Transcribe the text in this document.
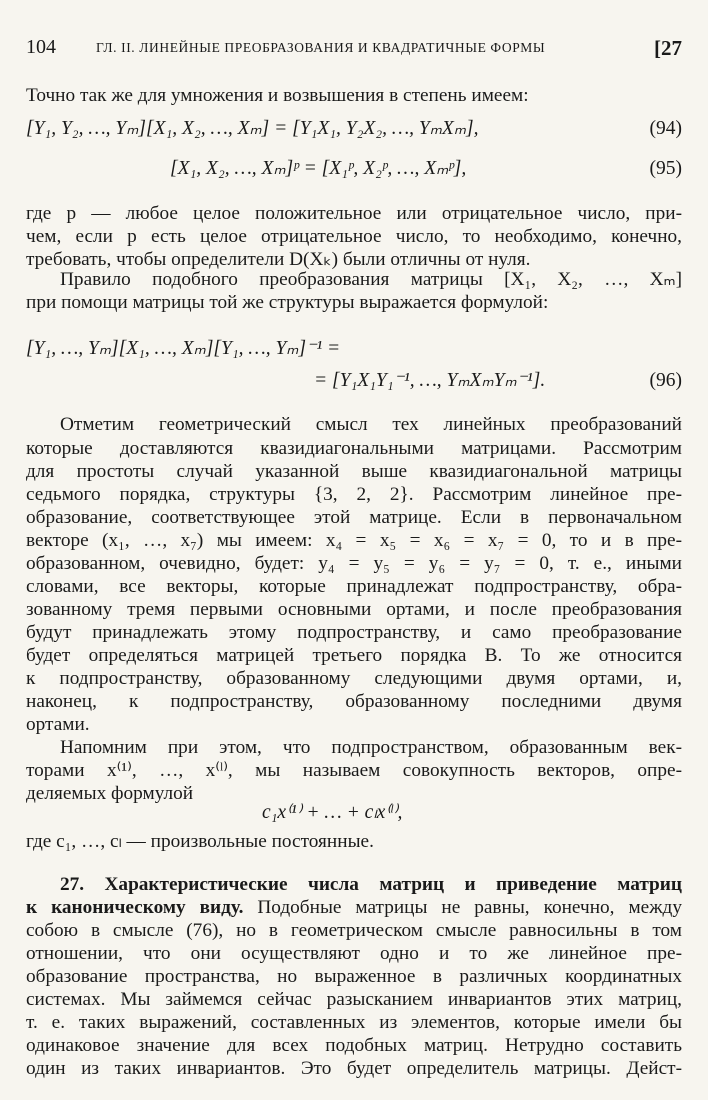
104	ГЛ. II. ЛИНЕЙНЫЕ ПРЕОБРАЗОВАНИЯ И КВАДРАТИЧНЫЕ ФОРМЫ	[27
Точно так же для умножения и возвышения в степень имеем:
[Y₁, Y₂, …, Yₘ][X₁, X₂, …, Xₘ] = [Y₁X₁, Y₂X₂, …, YₘXₘ],	(94)
[X₁, X₂, …, Xₘ]ᵖ = [X₁ᵖ, X₂ᵖ, …, Xₘᵖ],	(95)
где p — любое целое положительное или отрицательное число, при-
чем, если p есть целое отрицательное число, то необходимо, конечно,
требовать, чтобы определители D(Xₖ) были отличны от нуля.
Правило подобного преобразования матрицы [X₁, X₂, …, Xₘ]
при помощи матрицы той же структуры выражается формулой:
[Y₁, …, Yₘ][X₁, …, Xₘ][Y₁, …, Yₘ]⁻¹ =
= [Y₁X₁Y₁⁻¹, …, YₘXₘYₘ⁻¹].	(96)
Отметим геометрический смысл тех линейных преобразований
которые доставляются квазидиагональными матрицами. Рассмотрим
для простоты случай указанной выше квазидиагональной матрицы
седьмого порядка, структуры {3, 2, 2}. Рассмотрим линейное пре-
образование, соответствующее этой матрице. Если в первоначальном
векторе (x₁, …, x₇) мы имеем: x₄ = x₅ = x₆ = x₇ = 0, то и в пре-
образованном, очевидно, будет: y₄ = y₅ = y₆ = y₇ = 0, т. е., иными
словами, все векторы, которые принадлежат подпространству, обра-
зованному тремя первыми основными ортами, и после преобразования
будут принадлежать этому подпространству, и само преобразование
будет определяться матрицей третьего порядка B. То же относится
к подпространству, образованному следующими двумя ортами, и,
наконец, к подпространству, образованному последними двумя
ортами.
Напомним при этом, что подпространством, образованным век-
торами x⁽¹⁾, …, x⁽ˡ⁾, мы называем совокупность векторов, опре-
деляемых формулой
c₁x⁽¹⁾ + … + cₗx⁽ˡ⁾,
где c₁, …, cₗ — произвольные постоянные.
27. Характеристические числа матриц и приведение матриц
к каноническому виду. Подобные матрицы не равны, конечно, между
собою в смысле (76), но в геометрическом смысле равносильны в том
отношении, что они осуществляют одно и то же линейное пре-
образование пространства, но выраженное в различных координатных
системах. Мы займемся сейчас разысканием инвариантов этих матриц,
т. е. таких выражений, составленных из элементов, которые имели бы
одинаковое значение для всех подобных матриц. Нетрудно составить
один из таких инвариантов. Это будет определитель матрицы. Дейст-
